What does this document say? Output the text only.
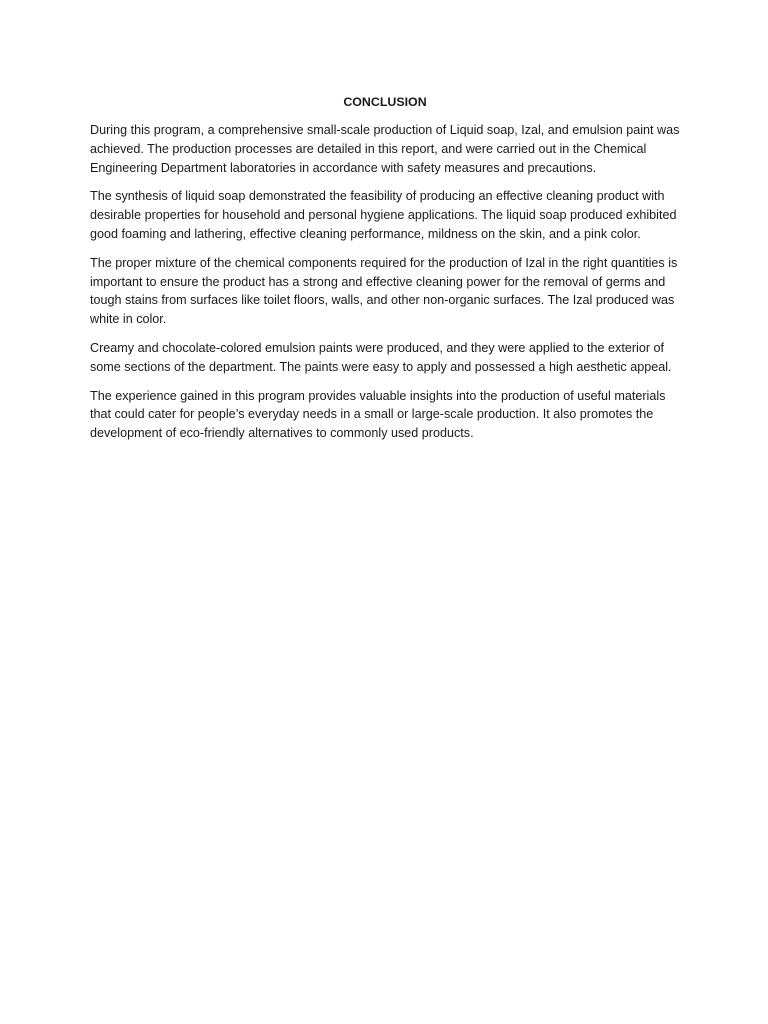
CONCLUSION

During this program, a comprehensive small-scale production of Liquid soap, Izal, and emulsion paint was achieved. The production processes are detailed in this report, and were carried out in the Chemical Engineering Department laboratories in accordance with safety measures and precautions.

The synthesis of liquid soap demonstrated the feasibility of producing an effective cleaning product with desirable properties for household and personal hygiene applications. The liquid soap produced exhibited good foaming and lathering, effective cleaning performance, mildness on the skin, and a pink color.

The proper mixture of the chemical components required for the production of Izal in the right quantities is important to ensure the product has a strong and effective cleaning power for the removal of germs and tough stains from surfaces like toilet floors, walls, and other non-organic surfaces. The Izal produced was white in color.

Creamy and chocolate-colored emulsion paints were produced, and they were applied to the exterior of some sections of the department. The paints were easy to apply and possessed a high aesthetic appeal.

The experience gained in this program provides valuable insights into the production of useful materials that could cater for people’s everyday needs in a small or large-scale production. It also promotes the development of eco-friendly alternatives to commonly used products.
